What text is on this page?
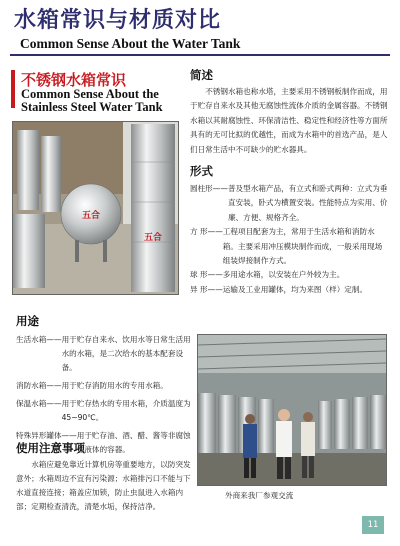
水箱常识与材质对比
Common Sense About the Water Tank
不锈钢水箱常识
Common Sense About the Stainless Steel Water Tank
五合
五合
简述
不锈钢水箱也称水塔，主要采用不锈钢板制作而成，用于贮存自来水及其他无腐蚀性流体介质的金属容器。不锈钢水箱以其耐腐蚀性、环保清洁性、稳定性和经济性等方面所具有的无可比拟的优越性，而成为水箱中的首选产品，是人们日常生活中不可缺少的贮水器具。
形式
圆柱形—— 普及型水箱产品，有立式和卧式两种：立式为垂直安装，卧式为横置安装。性能特点为实用、价廉、方便、规格齐全。
方 形—— 工程项目配套为主，常用于生活水箱和消防水箱。主要采用冲压模块制作而成，一般采用现场组装焊接制作方式。
球 形—— 多用途水箱，以安装在户外较为主。
异 形—— 运输及工业用罐体，均为来图（样）定制。
用途
生活水箱—— 用于贮存自来水、饮用水等日常生活用水的水箱，是二次给水的基本配套设备。
消防水箱—— 用于贮存消防用水的专用水箱。
保温水箱—— 用于贮存热水的专用水箱，介质温度为45~90℃。
特殊异形罐体—— 用于贮存油、酒、醋、酱等非腐蚀性液体的容器。
使用注意事项
水箱应避免靠近计算机房等重要地方，以防突发意外；水箱周边不宜有污染源；水箱排污口不能与下水道直接连接；箱盖应加锁，防止虫鼠进入水箱内部；定期检查清洗，清楚水垢，保持洁净。
外商来我厂参观交流
11
